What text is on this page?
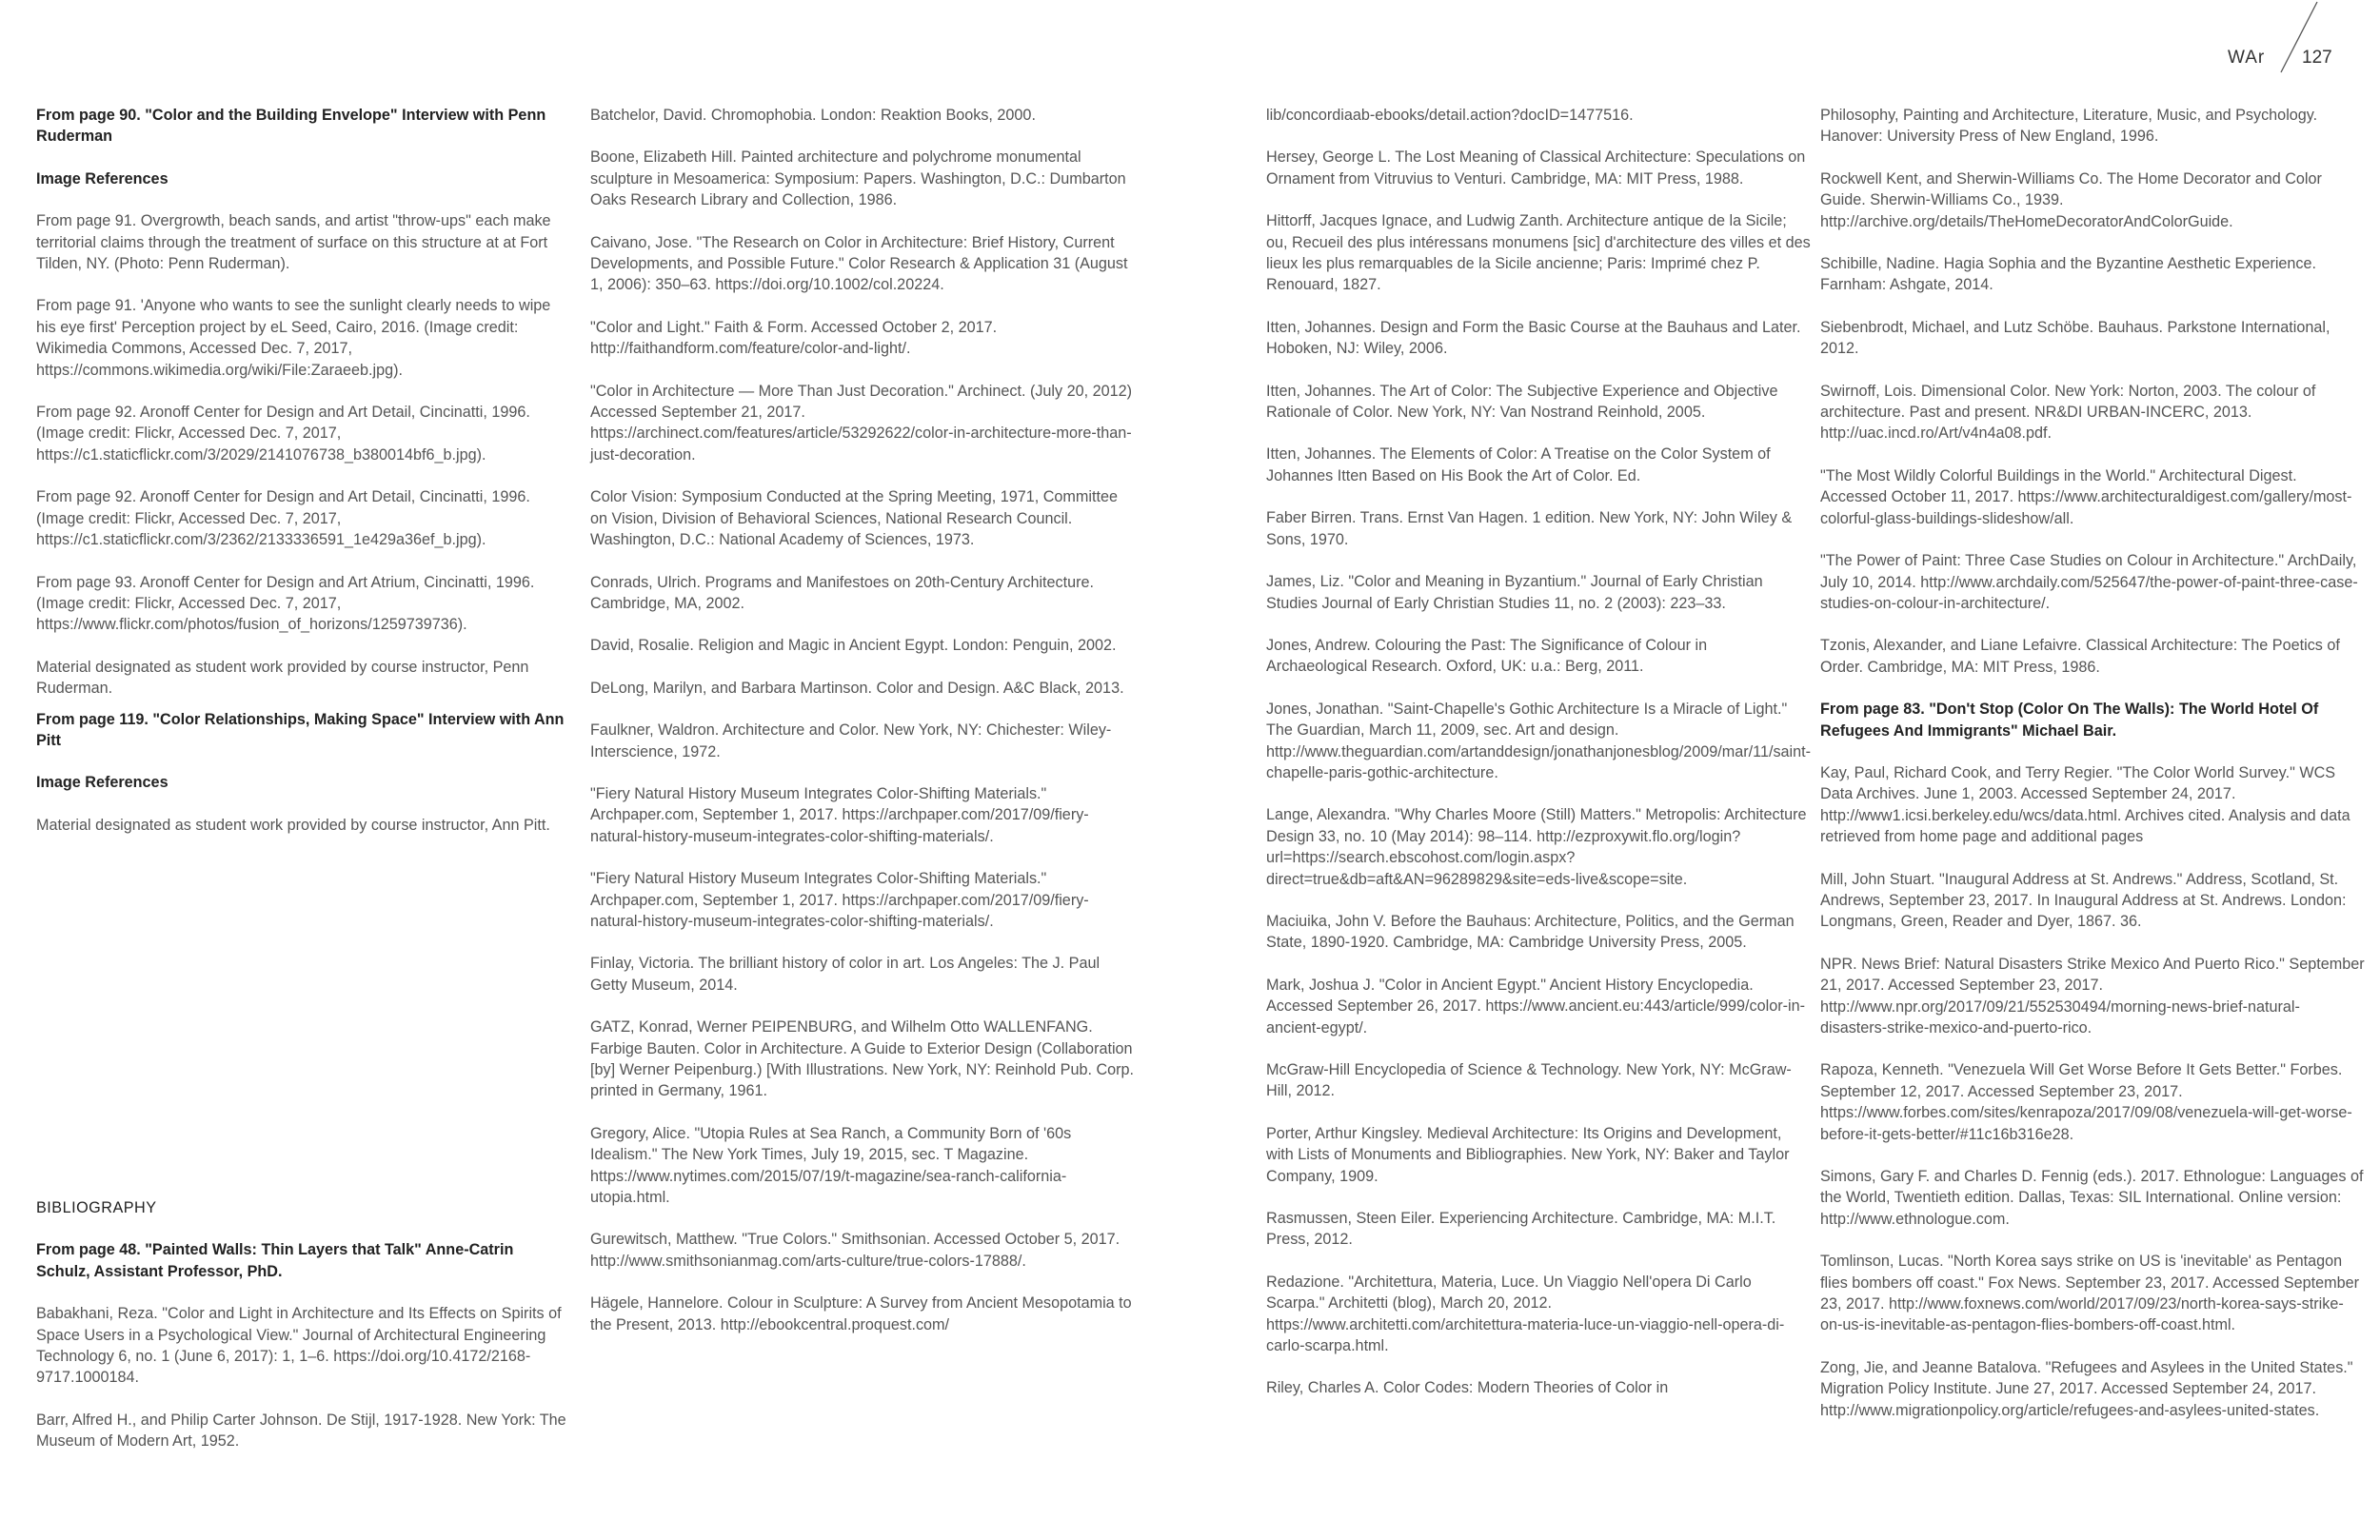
WAr 127
From page 90. "Color and the Building Envelope" Interview with Penn Ruderman
Image References
From page 91. Overgrowth, beach sands, and artist "throw-ups" each make territorial claims through the treatment of surface on this structure at at Fort Tilden, NY. (Photo: Penn Ruderman).
From page 91. 'Anyone who wants to see the sunlight clearly needs to wipe his eye first' Perception project by eL Seed, Cairo, 2016. (Image credit: Wikimedia Commons, Accessed Dec. 7, 2017, https://commons.wikimedia.org/wiki/File:Zaraeeb.jpg).
From page 92. Aronoff Center for Design and Art Detail, Cincinatti, 1996. (Image credit: Flickr, Accessed Dec. 7, 2017, https://c1.staticflickr.com/3/2029/2141076738_b380014bf6_b.jpg).
From page 92. Aronoff Center for Design and Art Detail, Cincinatti, 1996. (Image credit: Flickr, Accessed Dec. 7, 2017, https://c1.staticflickr.com/3/2362/2133336591_1e429a36ef_b.jpg).
From page 93. Aronoff Center for Design and Art Atrium, Cincinatti, 1996. (Image credit: Flickr, Accessed Dec. 7, 2017, https://www.flickr.com/photos/fusion_of_horizons/1259739736).
Material designated as student work provided by course instructor, Penn Ruderman.
From page 119. "Color Relationships, Making Space" Interview with Ann Pitt
Image References
Material designated as student work provided by course instructor, Ann Pitt.
BIBLIOGRAPHY
From page 48. "Painted Walls: Thin Layers that Talk" Anne-Catrin Schulz, Assistant Professor, PhD.
Babakhani, Reza. "Color and Light in Architecture and Its Effects on Spirits of Space Users in a Psychological View." Journal of Architectural Engineering Technology 6, no. 1 (June 6, 2017): 1, 1–6. https://doi.org/10.4172/2168-9717.1000184.
Barr, Alfred H., and Philip Carter Johnson. De Stijl, 1917-1928. New York: The Museum of Modern Art, 1952.
Batchelor, David. Chromophobia. London: Reaktion Books, 2000.
Boone, Elizabeth Hill. Painted architecture and polychrome monumental sculpture in Mesoamerica: Symposium: Papers. Washington, D.C.: Dumbarton Oaks Research Library and Collection, 1986.
Caivano, Jose. "The Research on Color in Architecture: Brief History, Current Developments, and Possible Future." Color Research & Application 31 (August 1, 2006): 350–63. https://doi.org/10.1002/col.20224.
"Color and Light." Faith & Form. Accessed October 2, 2017. http://faithandform.com/feature/color-and-light/.
"Color in Architecture — More Than Just Decoration." Archinect. (July 20, 2012) Accessed September 21, 2017. https://archinect.com/features/article/53292622/color-in-architecture-more-than-just-decoration.
Color Vision: Symposium Conducted at the Spring Meeting, 1971, Committee on Vision, Division of Behavioral Sciences, National Research Council. Washington, D.C.: National Academy of Sciences, 1973.
Conrads, Ulrich. Programs and Manifestoes on 20th-Century Architecture. Cambridge, MA, 2002.
David, Rosalie. Religion and Magic in Ancient Egypt. London: Penguin, 2002.
DeLong, Marilyn, and Barbara Martinson. Color and Design. A&C Black, 2013.
Faulkner, Waldron. Architecture and Color. New York, NY: Chichester: Wiley-Interscience, 1972.
"Fiery Natural History Museum Integrates Color-Shifting Materials." Archpaper.com, September 1, 2017. https://archpaper.com/2017/09/fiery-natural-history-museum-integrates-color-shifting-materials/.
"Fiery Natural History Museum Integrates Color-Shifting Materials." Archpaper.com, September 1, 2017. https://archpaper.com/2017/09/fiery-natural-history-museum-integrates-color-shifting-materials/.
Finlay, Victoria. The brilliant history of color in art. Los Angeles: The J. Paul Getty Museum, 2014.
GATZ, Konrad, Werner PEIPENBURG, and Wilhelm Otto WALLENFANG. Farbige Bauten. Color in Architecture. A Guide to Exterior Design (Collaboration [by] Werner Peipenburg.) [With Illustrations. New York, NY: Reinhold Pub. Corp. printed in Germany, 1961.
Gregory, Alice. "Utopia Rules at Sea Ranch, a Community Born of '60s Idealism." The New York Times, July 19, 2015, sec. T Magazine. https://www.nytimes.com/2015/07/19/t-magazine/sea-ranch-california-utopia.html.
Gurewitsch, Matthew. "True Colors." Smithsonian. Accessed October 5, 2017. http://www.smithsonianmag.com/arts-culture/true-colors-17888/.
Hägele, Hannelore. Colour in Sculpture: A Survey from Ancient Mesopotamia to the Present, 2013. http://ebookcentral.proquest.com/
lib/concordiaab-ebooks/detail.action?docID=1477516.
Hersey, George L. The Lost Meaning of Classical Architecture: Speculations on Ornament from Vitruvius to Venturi. Cambridge, MA: MIT Press, 1988.
Hittorff, Jacques Ignace, and Ludwig Zanth. Architecture antique de la Sicile; ou, Recueil des plus intéressans monumens [sic] d'architecture des villes et des lieux les plus remarquables de la Sicile ancienne; Paris: Imprimé chez P. Renouard, 1827.
Itten, Johannes. Design and Form the Basic Course at the Bauhaus and Later. Hoboken, NJ: Wiley, 2006.
Itten, Johannes. The Art of Color: The Subjective Experience and Objective Rationale of Color. New York, NY: Van Nostrand Reinhold, 2005.
Itten, Johannes. The Elements of Color: A Treatise on the Color System of Johannes Itten Based on His Book the Art of Color. Ed.
Faber Birren. Trans. Ernst Van Hagen. 1 edition. New York, NY: John Wiley & Sons, 1970.
James, Liz. "Color and Meaning in Byzantium." Journal of Early Christian Studies Journal of Early Christian Studies 11, no. 2 (2003): 223–33.
Jones, Andrew. Colouring the Past: The Significance of Colour in Archaeological Research. Oxford, UK: u.a.: Berg, 2011.
Jones, Jonathan. "Saint-Chapelle's Gothic Architecture Is a Miracle of Light." The Guardian, March 11, 2009, sec. Art and design. http://www.theguardian.com/artanddesign/jonathanjonesblog/2009/mar/11/saint-chapelle-paris-gothic-architecture.
Lange, Alexandra. "Why Charles Moore (Still) Matters." Metropolis: Architecture Design 33, no. 10 (May 2014): 98–114. http://ezproxywit.flo.org/login?url=https://search.ebscohost.com/login.aspx?direct=true&db=aft&AN=96289829&site=eds-live&scope=site.
Maciuika, John V. Before the Bauhaus: Architecture, Politics, and the German State, 1890-1920. Cambridge, MA: Cambridge University Press, 2005.
Mark, Joshua J. "Color in Ancient Egypt." Ancient History Encyclopedia. Accessed September 26, 2017. https://www.ancient.eu:443/article/999/color-in-ancient-egypt/.
McGraw-Hill Encyclopedia of Science & Technology. New York, NY: McGraw-Hill, 2012.
Porter, Arthur Kingsley. Medieval Architecture: Its Origins and Development, with Lists of Monuments and Bibliographies. New York, NY: Baker and Taylor Company, 1909.
Rasmussen, Steen Eiler. Experiencing Architecture. Cambridge, MA: M.I.T. Press, 2012.
Redazione. "Architettura, Materia, Luce. Un Viaggio Nell'opera Di Carlo Scarpa." Architetti (blog), March 20, 2012. https://www.architetti.com/architettura-materia-luce-un-viaggio-nell-opera-di-carlo-scarpa.html.
Riley, Charles A. Color Codes: Modern Theories of Color in
Philosophy, Painting and Architecture, Literature, Music, and Psychology. Hanover: University Press of New England, 1996.
Rockwell Kent, and Sherwin-Williams Co. The Home Decorator and Color Guide. Sherwin-Williams Co., 1939. http://archive.org/details/TheHomeDecoratorAndColorGuide.
Schibille, Nadine. Hagia Sophia and the Byzantine Aesthetic Experience. Farnham: Ashgate, 2014.
Siebenbrodt, Michael, and Lutz Schöbe. Bauhaus. Parkstone International, 2012.
Swirnoff, Lois. Dimensional Color. New York: Norton, 2003. The colour of architecture. Past and present. NR&DI URBAN-INCERC, 2013. http://uac.incd.ro/Art/v4n4a08.pdf.
"The Most Wildly Colorful Buildings in the World." Architectural Digest. Accessed October 11, 2017. https://www.architecturaldigest.com/gallery/most-colorful-glass-buildings-slideshow/all.
"The Power of Paint: Three Case Studies on Colour in Architecture." ArchDaily, July 10, 2014. http://www.archdaily.com/525647/the-power-of-paint-three-case-studies-on-colour-in-architecture/.
Tzonis, Alexander, and Liane Lefaivre. Classical Architecture: The Poetics of Order. Cambridge, MA: MIT Press, 1986.
From page 83. "Don't Stop (Color On The Walls): The World Hotel Of Refugees And Immigrants" Michael Bair.
Kay, Paul, Richard Cook, and Terry Regier. "The Color World Survey." WCS Data Archives. June 1, 2003. Accessed September 24, 2017. http://www1.icsi.berkeley.edu/wcs/data.html. Archives cited. Analysis and data retrieved from home page and additional pages
Mill, John Stuart. "Inaugural Address at St. Andrews." Address, Scotland, St. Andrews, September 23, 2017. In Inaugural Address at St. Andrews. London: Longmans, Green, Reader and Dyer, 1867. 36.
NPR. News Brief: Natural Disasters Strike Mexico And Puerto Rico." September 21, 2017. Accessed September 23, 2017. http://www.npr.org/2017/09/21/552530494/morning-news-brief-natural-disasters-strike-mexico-and-puerto-rico.
Rapoza, Kenneth. "Venezuela Will Get Worse Before It Gets Better." Forbes. September 12, 2017. Accessed September 23, 2017. https://www.forbes.com/sites/kenrapoza/2017/09/08/venezuela-will-get-worse-before-it-gets-better/#11c16b316e28.
Simons, Gary F. and Charles D. Fennig (eds.). 2017. Ethnologue: Languages of the World, Twentieth edition. Dallas, Texas: SIL International. Online version: http://www.ethnologue.com.
Tomlinson, Lucas. "North Korea says strike on US is 'inevitable' as Pentagon flies bombers off coast." Fox News. September 23, 2017. Accessed September 23, 2017. http://www.foxnews.com/world/2017/09/23/north-korea-says-strike-on-us-is-inevitable-as-pentagon-flies-bombers-off-coast.html.
Zong, Jie, and Jeanne Batalova. "Refugees and Asylees in the United States." Migration Policy Institute. June 27, 2017. Accessed September 24, 2017. http://www.migrationpolicy.org/article/refugees-and-asylees-united-states.
